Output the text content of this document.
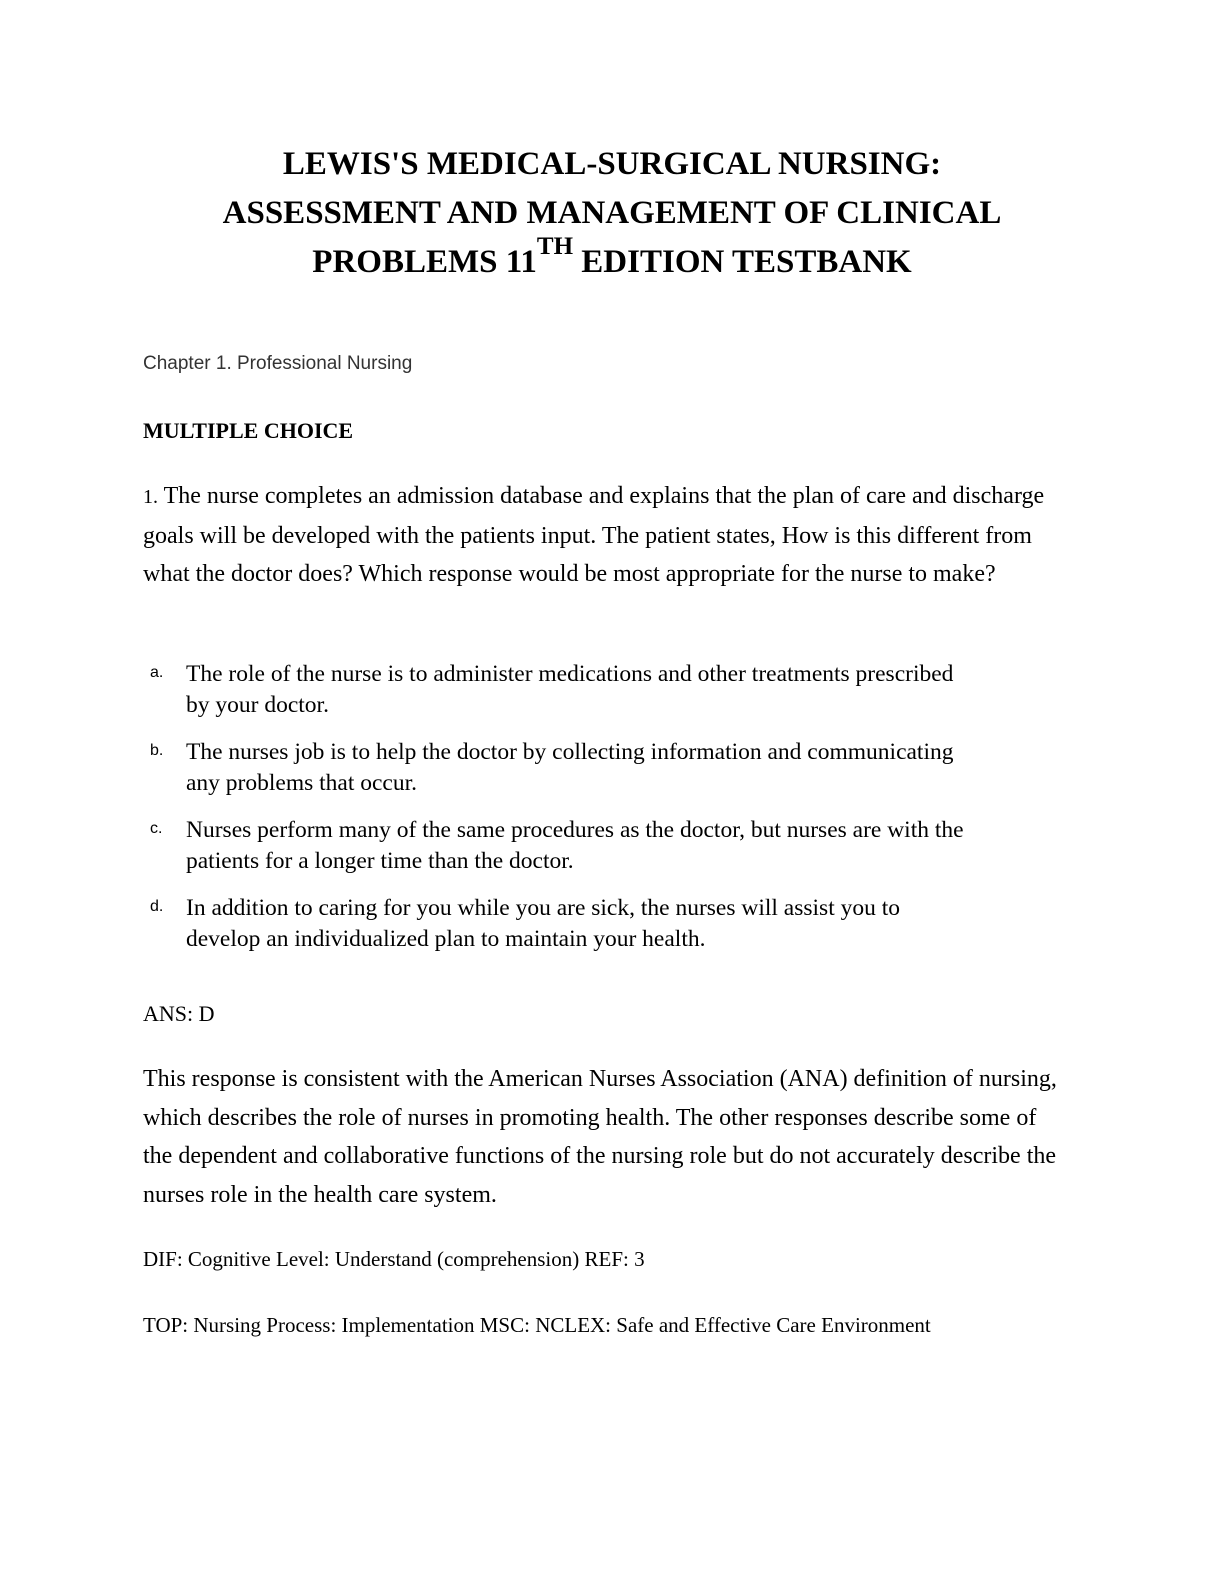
LEWIS'S MEDICAL-SURGICAL NURSING:
ASSESSMENT AND MANAGEMENT OF CLINICAL
PROBLEMS 11TH EDITION TESTBANK
Chapter 1. Professional Nursing
MULTIPLE CHOICE
1. The nurse completes an admission database and explains that the plan of care and discharge goals will be developed with the patients input. The patient states, How is this different from what the doctor does? Which response would be most appropriate for the nurse to make?
a. The role of the nurse is to administer medications and other treatments prescribed by your doctor.
b. The nurses job is to help the doctor by collecting information and communicating any problems that occur.
c. Nurses perform many of the same procedures as the doctor, but nurses are with the patients for a longer time than the doctor.
d. In addition to caring for you while you are sick, the nurses will assist you to develop an individualized plan to maintain your health.
ANS: D
This response is consistent with the American Nurses Association (ANA) definition of nursing, which describes the role of nurses in promoting health. The other responses describe some of the dependent and collaborative functions of the nursing role but do not accurately describe the nurses role in the health care system.
DIF: Cognitive Level: Understand (comprehension) REF: 3
TOP: Nursing Process: Implementation MSC: NCLEX: Safe and Effective Care Environment
